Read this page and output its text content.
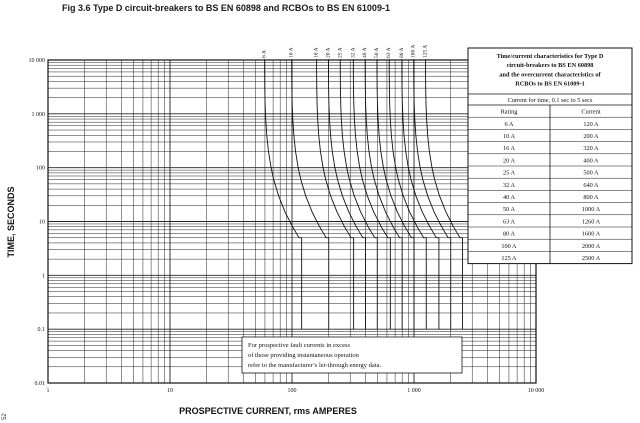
Fig 3.6 Type D circuit-breakers to BS EN 60898 and RCBOs to BS EN 61009-1
52
1	10	100	1 000	10 000
0.01
0.1
1
10
100
1 000
10 000
6 A	10 A	16 A 20 A 25 A 32 A 40 A 50 A 63 A 80 A 100 A 125 A
PROSPECTIVE CURRENT, rms AMPERES
TIME, SECONDS
For prospective fault currents in excess
of those providing instantaneous operation
refer to the manufacturer’s let-through energy data.
Time/current characteristics for Type D
circuit-breakers to BS EN 60898
and the overcurrent characteristics of
RCBOs to BS EN 61009-1
Current for time, 0.1 sec to 5 secs
Rating	Current
6 A	120 A
10 A	200 A
16 A	320 A
20 A	400 A
25 A	500 A
32 A	640 A
40 A	800 A
50 A	1000 A
63 A	1260 A
80 A	1600 A
100 A	2000 A
125 A	2500 A
